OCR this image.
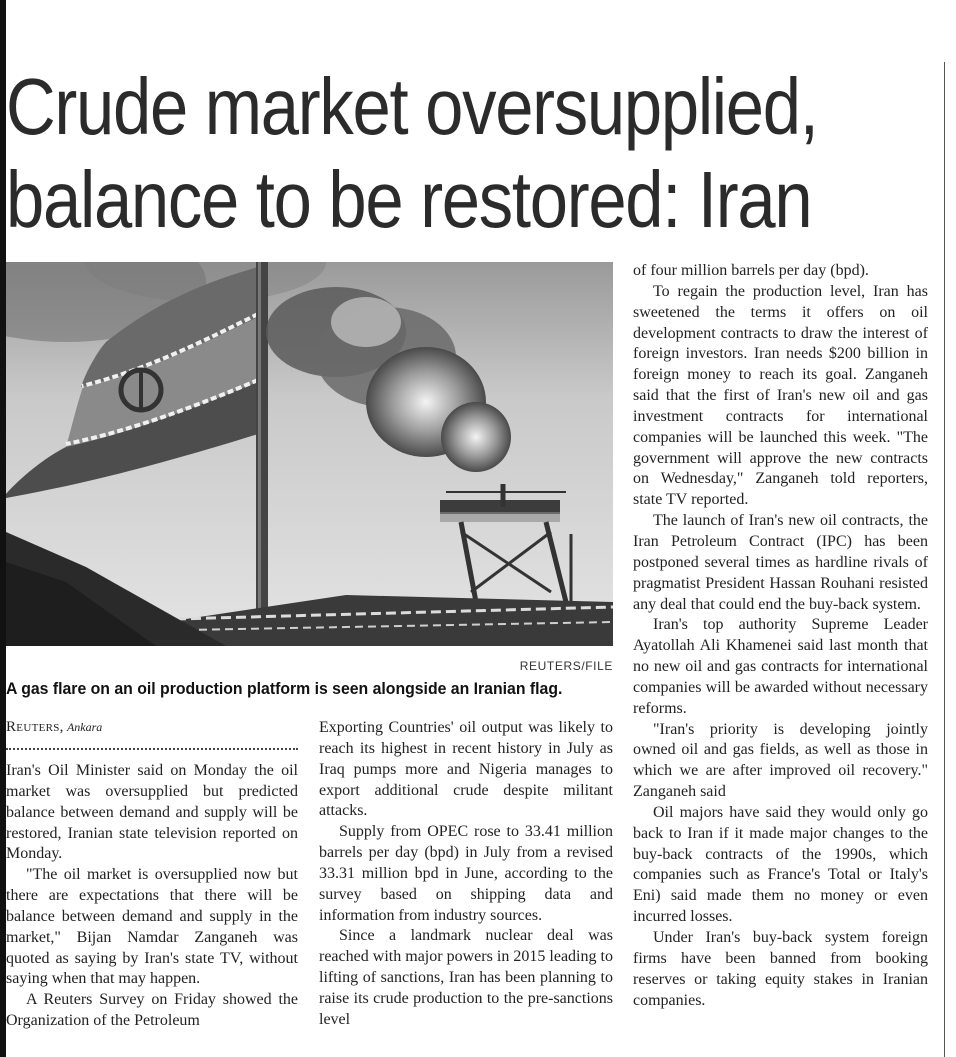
Crude market oversupplied,
balance to be restored: Iran
REUTERS/FILE

A gas flare on an oil production platform is seen alongside an Iranian flag.

Reuters, Ankara

Iran's Oil Minister said on Monday the oil market was oversupplied but predicted balance between demand and supply will be restored, Iranian state television reported on Monday.

"The oil market is oversupplied now but there are expectations that there will be balance between demand and supply in the market," Bijan Namdar Zanganeh was quoted as saying by Iran's state TV, without saying when that may happen.

A Reuters Survey on Friday showed the Organization of the Petroleum

Exporting Countries' oil output was likely to reach its highest in recent history in July as Iraq pumps more and Nigeria manages to export additional crude despite militant attacks.

Supply from OPEC rose to 33.41 million barrels per day (bpd) in July from a revised 33.31 million bpd in June, according to the survey based on shipping data and information from industry sources.

Since a landmark nuclear deal was reached with major powers in 2015 leading to lifting of sanctions, Iran has been planning to raise its crude production to the pre-sanctions level

of four million barrels per day (bpd).

To regain the production level, Iran has sweetened the terms it offers on oil development contracts to draw the interest of foreign investors. Iran needs $200 billion in foreign money to reach its goal. Zanganeh said that the first of Iran's new oil and gas investment contracts for international companies will be launched this week. "The government will approve the new contracts on Wednesday," Zanganeh told reporters, state TV reported.

The launch of Iran's new oil contracts, the Iran Petroleum Contract (IPC) has been postponed several times as hardline rivals of pragmatist President Hassan Rouhani resisted any deal that could end the buy-back system.

Iran's top authority Supreme Leader Ayatollah Ali Khamenei said last month that no new oil and gas contracts for international companies will be awarded without necessary reforms.

"Iran's priority is developing jointly owned oil and gas fields, as well as those in which we are after improved oil recovery." Zanganeh said

Oil majors have said they would only go back to Iran if it made major changes to the buy-back contracts of the 1990s, which companies such as France's Total or Italy's Eni) said made them no money or even incurred losses.

Under Iran's buy-back system foreign firms have been banned from booking reserves or taking equity stakes in Iranian companies.
